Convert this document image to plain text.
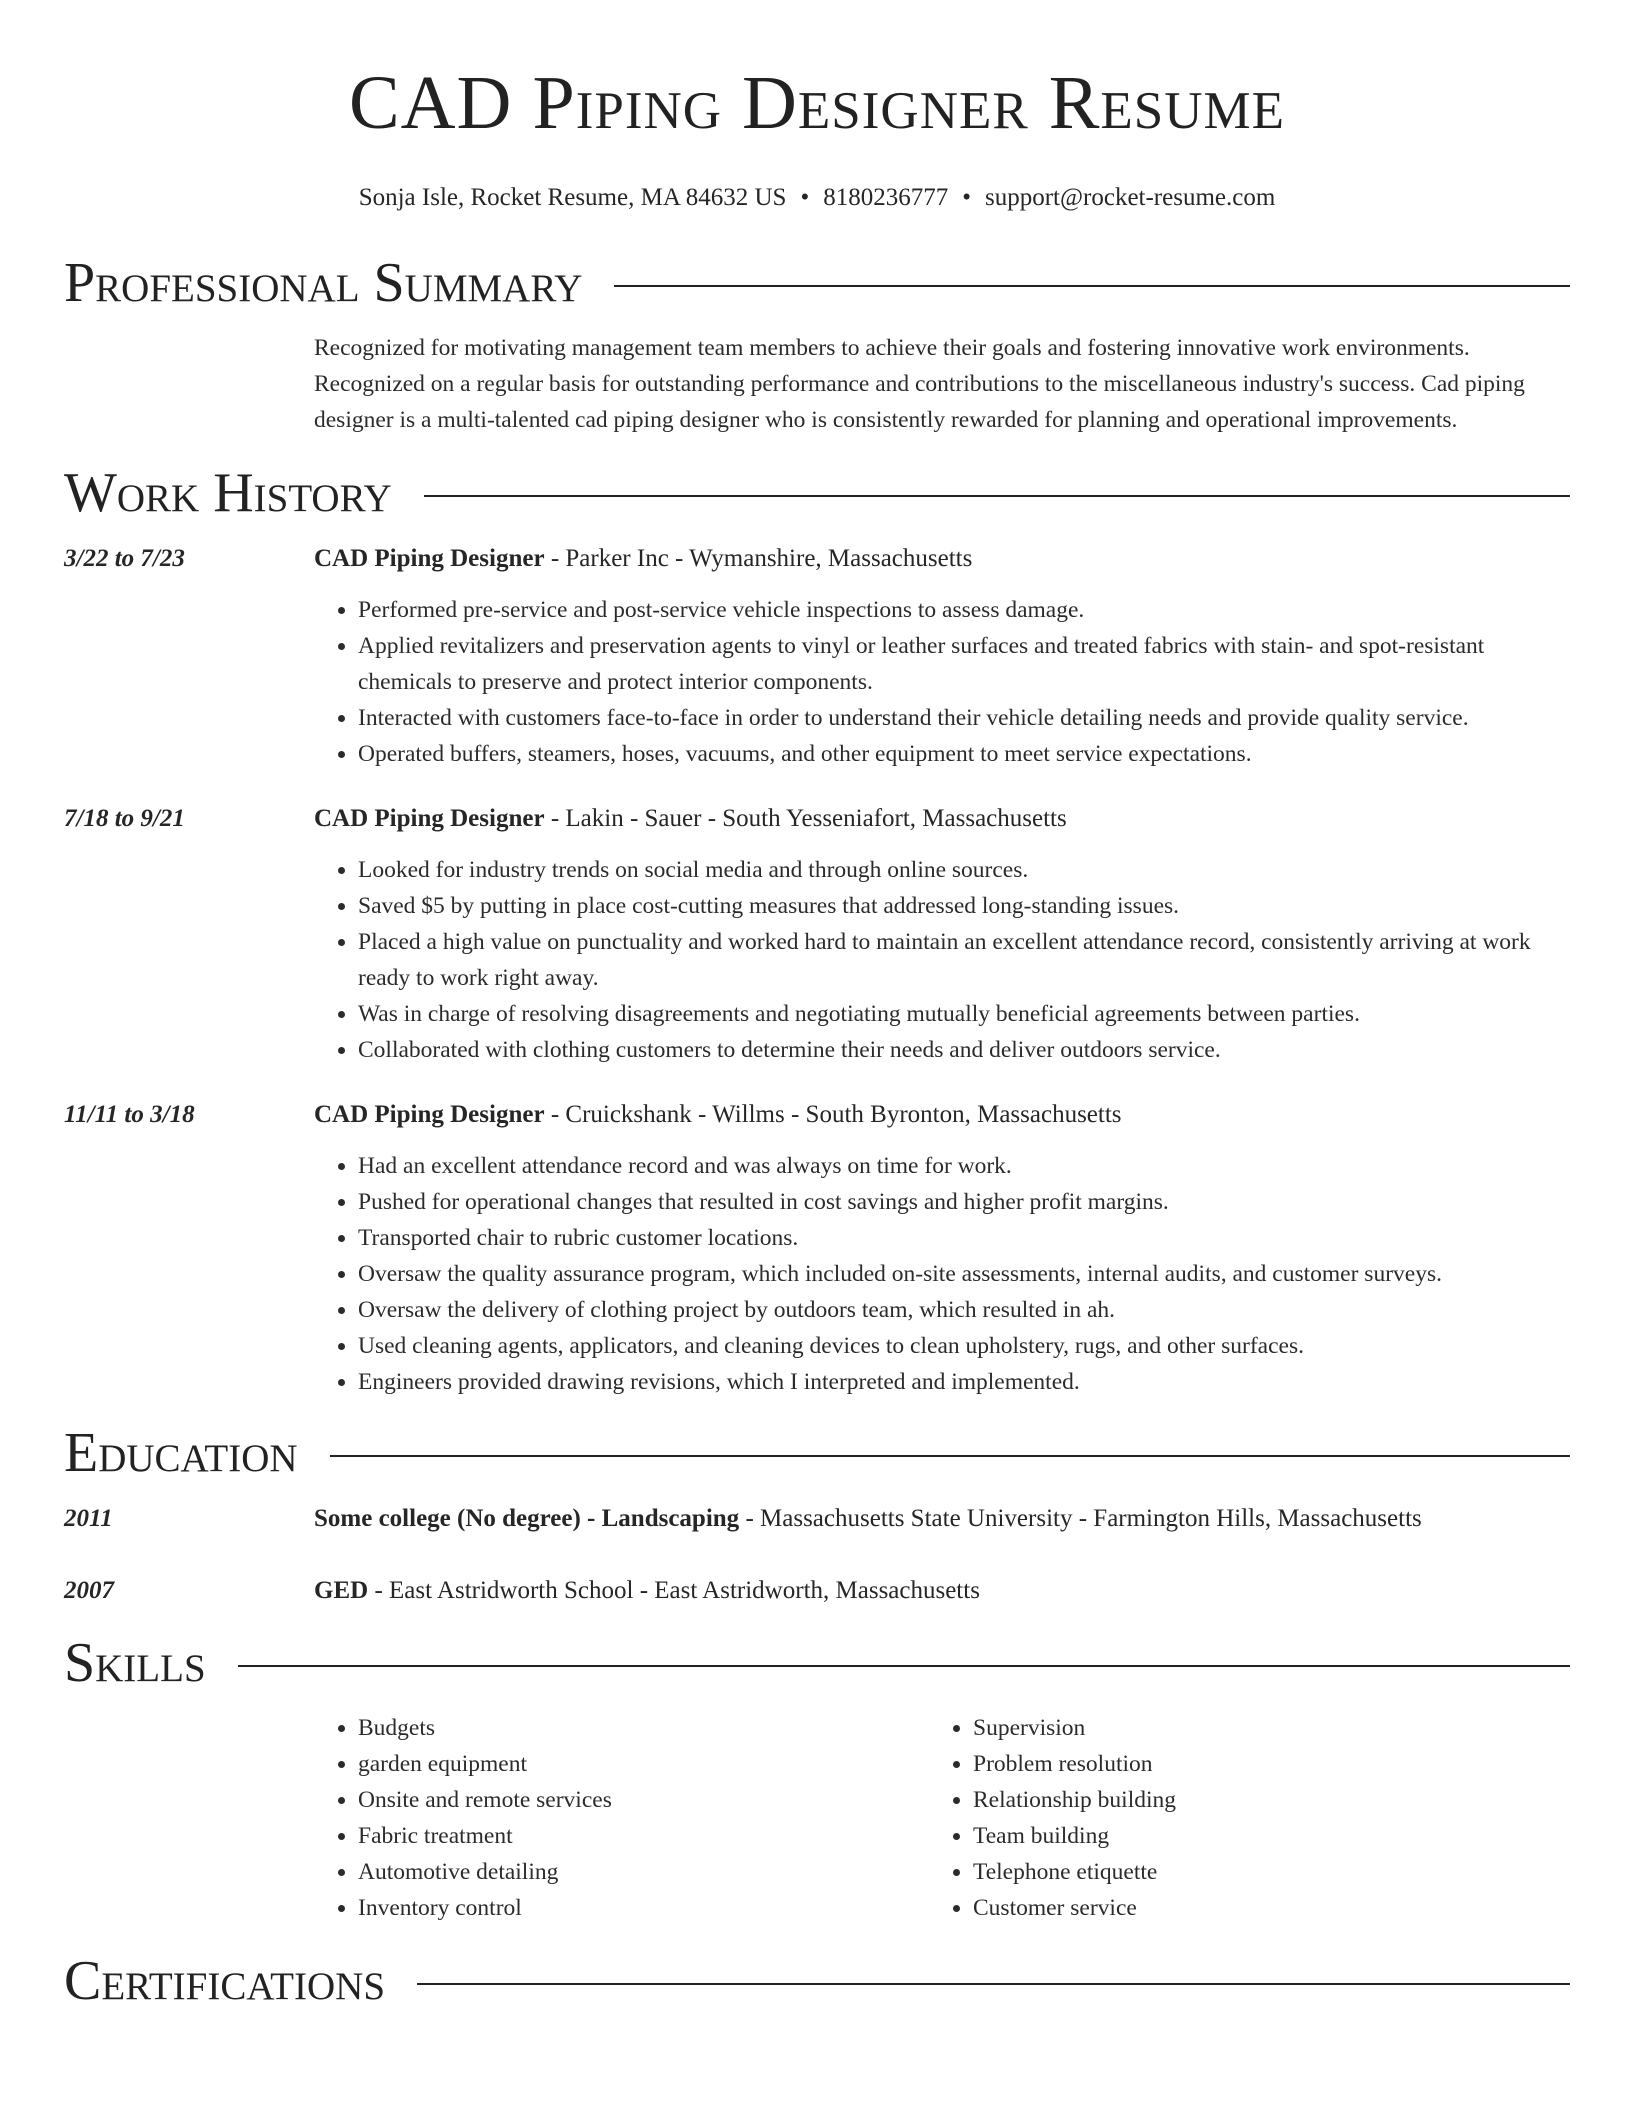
CAD Piping Designer Resume
Sonja Isle, Rocket Resume, MA 84632 US • 8180236777 • support@rocket-resume.com
Professional Summary
Recognized for motivating management team members to achieve their goals and fostering innovative work environments. Recognized on a regular basis for outstanding performance and contributions to the miscellaneous industry's success. Cad piping designer is a multi-talented cad piping designer who is consistently rewarded for planning and operational improvements.
Work History
3/22 to 7/23	CAD Piping Designer - Parker Inc - Wymanshire, Massachusetts
• Performed pre-service and post-service vehicle inspections to assess damage.
• Applied revitalizers and preservation agents to vinyl or leather surfaces and treated fabrics with stain- and spot-resistant chemicals to preserve and protect interior components.
• Interacted with customers face-to-face in order to understand their vehicle detailing needs and provide quality service.
• Operated buffers, steamers, hoses, vacuums, and other equipment to meet service expectations.
7/18 to 9/21	CAD Piping Designer - Lakin - Sauer - South Yesseniafort, Massachusetts
• Looked for industry trends on social media and through online sources.
• Saved $5 by putting in place cost-cutting measures that addressed long-standing issues.
• Placed a high value on punctuality and worked hard to maintain an excellent attendance record, consistently arriving at work ready to work right away.
• Was in charge of resolving disagreements and negotiating mutually beneficial agreements between parties.
• Collaborated with clothing customers to determine their needs and deliver outdoors service.
11/11 to 3/18	CAD Piping Designer - Cruickshank - Willms - South Byronton, Massachusetts
• Had an excellent attendance record and was always on time for work.
• Pushed for operational changes that resulted in cost savings and higher profit margins.
• Transported chair to rubric customer locations.
• Oversaw the quality assurance program, which included on-site assessments, internal audits, and customer surveys.
• Oversaw the delivery of clothing project by outdoors team, which resulted in ah.
• Used cleaning agents, applicators, and cleaning devices to clean upholstery, rugs, and other surfaces.
• Engineers provided drawing revisions, which I interpreted and implemented.
Education
2011	Some college (No degree) - Landscaping - Massachusetts State University - Farmington Hills, Massachusetts
2007	GED - East Astridworth School - East Astridworth, Massachusetts
Skills
• Budgets
• garden equipment
• Onsite and remote services
• Fabric treatment
• Automotive detailing
• Inventory control
• Supervision
• Problem resolution
• Relationship building
• Team building
• Telephone etiquette
• Customer service
Certifications
